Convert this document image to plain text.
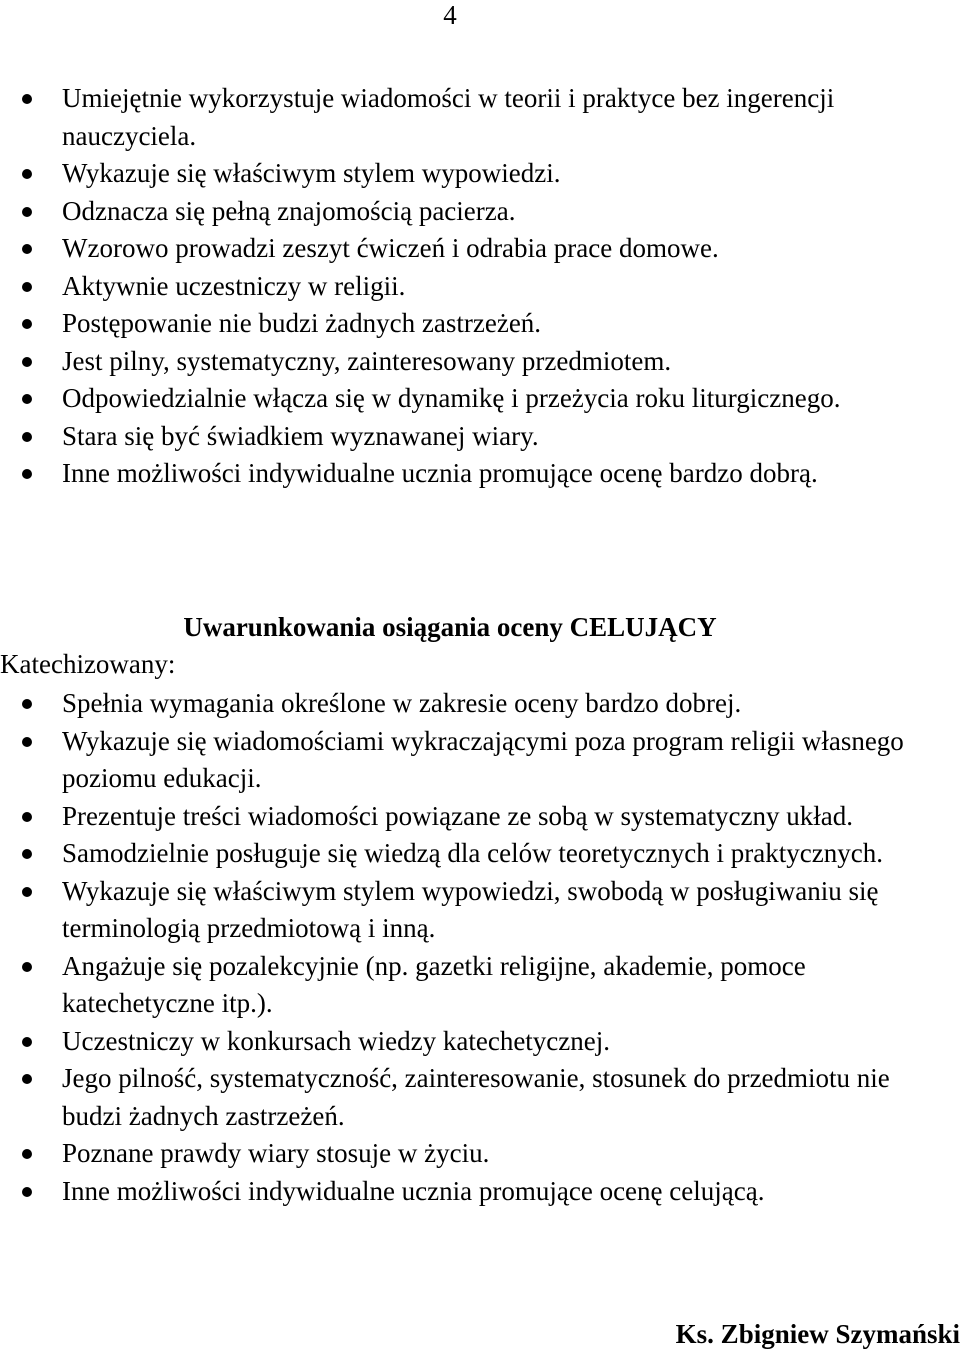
4
Umiejętnie wykorzystuje wiadomości w teorii i praktyce bez ingerencji nauczyciela.
Wykazuje się właściwym stylem wypowiedzi.
Odznacza się pełną znajomością pacierza.
Wzorowo prowadzi zeszyt ćwiczeń i odrabia prace domowe.
Aktywnie uczestniczy w religii.
Postępowanie nie budzi żadnych zastrzeżeń.
Jest pilny, systematyczny, zainteresowany przedmiotem.
Odpowiedzialnie włącza się w dynamikę i przeżycia roku liturgicznego.
Stara się być świadkiem wyznawanej wiary.
Inne możliwości indywidualne ucznia promujące ocenę bardzo dobrą.
Uwarunkowania osiągania oceny CELUJĄCY
Katechizowany:
Spełnia wymagania określone w zakresie oceny bardzo dobrej.
Wykazuje się wiadomościami wykraczającymi poza program religii własnego poziomu edukacji.
Prezentuje treści wiadomości powiązane ze sobą w systematyczny układ.
Samodzielnie posługuje się wiedzą dla celów teoretycznych i praktycznych.
Wykazuje się właściwym stylem wypowiedzi, swobodą w posługiwaniu się terminologią przedmiotową i inną.
Angażuje się pozalekcyjnie (np. gazetki religijne, akademie, pomoce katechetyczne itp.).
Uczestniczy w konkursach wiedzy katechetycznej.
Jego pilność, systematyczność, zainteresowanie, stosunek do przedmiotu nie budzi żadnych zastrzeżeń.
Poznane prawdy wiary stosuje w życiu.
Inne możliwości indywidualne ucznia promujące ocenę celującą.
Ks. Zbigniew Szymański
